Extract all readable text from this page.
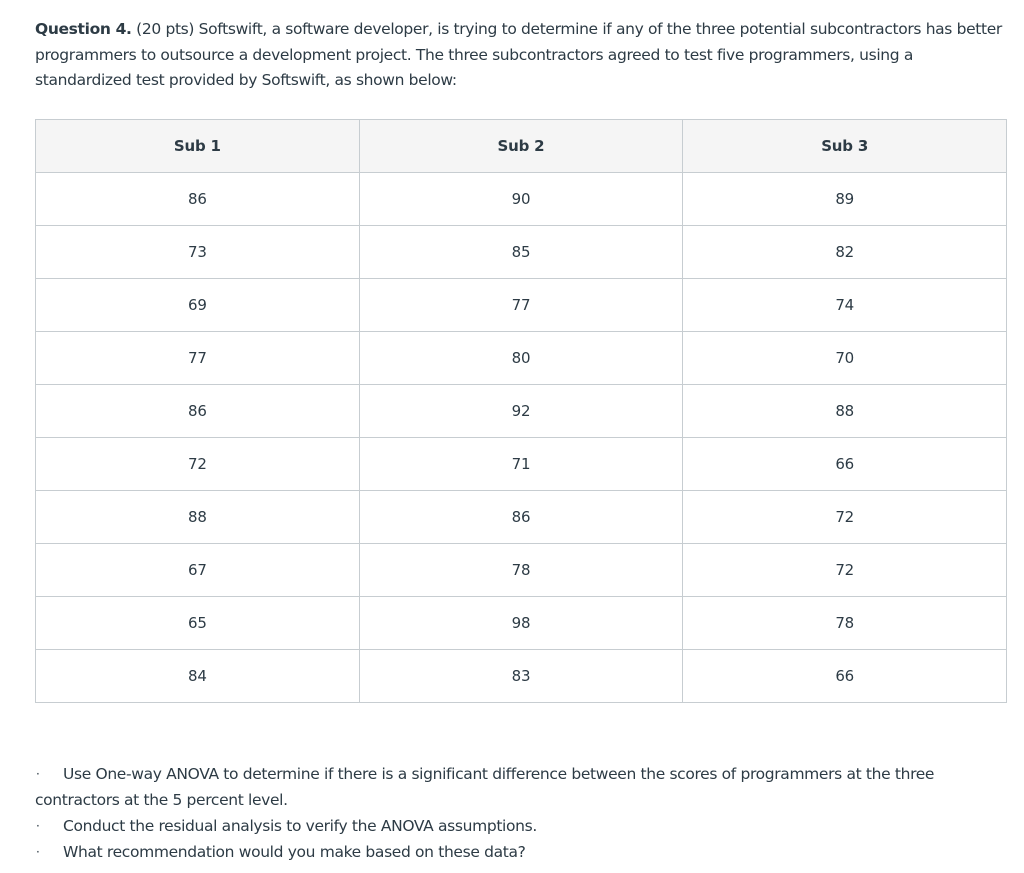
Question 4. (20 pts) Softswift, a software developer, is trying to determine if any of the three potential subcontractors has better programmers to outsource a development project. The three subcontractors agreed to test five programmers, using a standardized test provided by Softswift, as shown below:

Sub 1	Sub 2	Sub 3
86	90	89
73	85	82
69	77	74
77	80	70
86	92	88
72	71	66
88	86	72
67	78	72
65	98	78
84	83	66
·	Use One-way ANOVA to determine if there is a significant difference between the scores of programmers at the three
contractors at the 5 percent level.
·	Conduct the residual analysis to verify the ANOVA assumptions.
·	What recommendation would you make based on these data?
